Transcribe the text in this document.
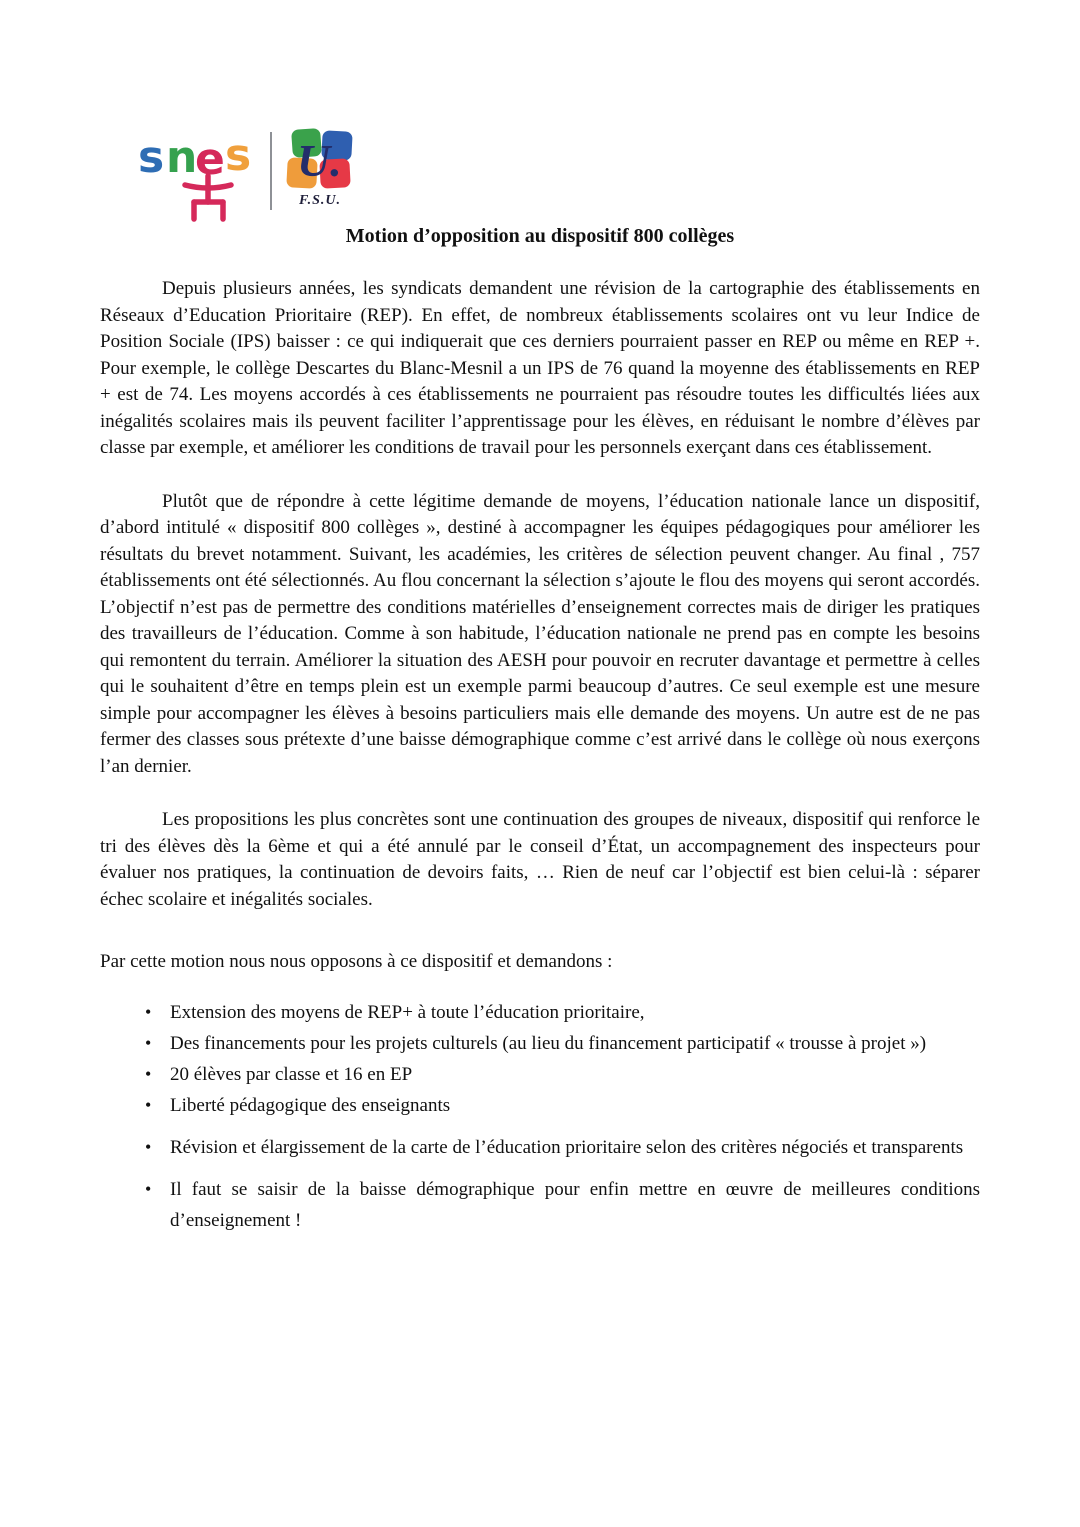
s n
e s U.
F.S.U.
Motion d’opposition au dispositif 800 collèges

Depuis plusieurs années, les syndicats demandent une révision de la cartographie des établissements en Réseaux d’Education Prioritaire (REP). En effet, de nombreux établissements scolaires ont vu leur Indice de Position Sociale (IPS) baisser : ce qui indiquerait que ces derniers pourraient passer en REP ou même en REP +. Pour exemple, le collège Descartes du Blanc-Mesnil a un IPS de 76 quand la moyenne des établissements en REP + est de 74. Les moyens accordés à ces établissements ne pourraient pas résoudre toutes les difficultés liées aux inégalités scolaires mais ils peuvent faciliter l’apprentissage pour les élèves, en réduisant le nombre d’élèves par classe par exemple, et améliorer les conditions de travail pour les personnels exerçant dans ces établissement.

Plutôt que de répondre à cette légitime demande de moyens, l’éducation nationale lance un dispositif, d’abord intitulé « dispositif 800 collèges », destiné à accompagner les équipes pédagogiques pour améliorer les résultats du brevet notamment. Suivant, les académies, les critères de sélection peuvent changer. Au final , 757 établissements ont été sélectionnés. Au flou concernant la sélection s’ajoute le flou des moyens qui seront accordés. L’objectif n’est pas de permettre des conditions matérielles d’enseignement correctes mais de diriger les pratiques des travailleurs de l’éducation. Comme à son habitude, l’éducation nationale ne prend pas en compte les besoins qui remontent du terrain. Améliorer la situation des AESH pour pouvoir en recruter davantage et permettre à celles qui le souhaitent d’être en temps plein est un exemple parmi beaucoup d’autres. Ce seul exemple est une mesure simple pour accompagner les élèves à besoins particuliers mais elle demande des moyens. Un autre est de ne pas fermer des classes sous prétexte d’une baisse démographique comme c’est arrivé dans le collège où nous exerçons l’an dernier.

Les propositions les plus concrètes sont une continuation des groupes de niveaux, dispositif qui renforce le tri des élèves dès la 6ème et qui a été annulé par le conseil d’État, un accompagnement des inspecteurs pour évaluer nos pratiques, la continuation de devoirs faits, … Rien de neuf car l’objectif est bien celui-là : séparer échec scolaire et inégalités sociales.

Par cette motion nous nous opposons à ce dispositif et demandons :

• Extension des moyens de REP+ à toute l’éducation prioritaire,
• Des financements pour les projets culturels (au lieu du financement participatif « trousse à projet »)
• 20 élèves par classe et 16 en EP
• Liberté pédagogique des enseignants
• Révision et élargissement de la carte de l’éducation prioritaire selon des critères négociés et transparents
• Il faut se saisir de la baisse démographique pour enfin mettre en œuvre de meilleures conditions d’enseignement !
